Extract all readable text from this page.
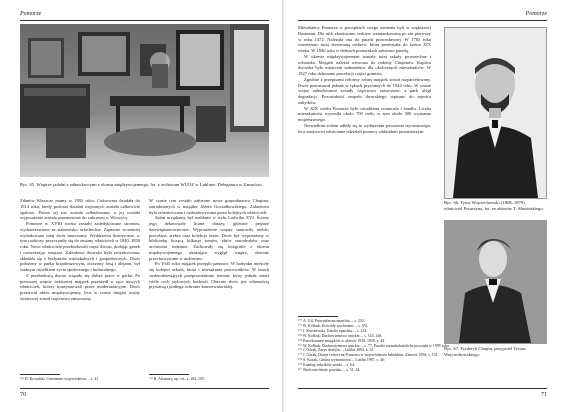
Pomorze
Ryc. 65. Wnętrze jadalni z zabawkowymi z okresu międzywojennego, fot. z archiwum WUOZ w Lublinie, Delegatura w Zamościu.

Zdanów Kleszcze mamy w 1892 roku. Cukrownia działała do 1914 roku, kiedy podczas działań wojennych została całkowicie spalona. Potem jej nie została odbudowana, a jej ocalała wyposażenie zostało przeniesione do cukrowni w Wierzycy.

Pomorze w XVIII wieku zostało zadedykowane stronom, wydzierżawione za stanowisko szlacheckie. Zapewne wcześniej wybudowano tutaj dwór murowany. Wydarzenia historyczne, w tym rozbiory, przyczyniły się do zmiany właścicieli w 1840–1850 roku. Nowi właściciele przebudowali część dworu, dodając ganek i rozszerzając wnętrza. Zabudowa dworska była zróżnicowana, składała się z budynków mieszkalnych i gospodarczych. Dwór położony w parku krajobrazowym, otoczony fosą i alejami, był ważnym ośrodkiem życia społecznego i kulturalnego.

Z przebudową dworu wiązały się dalsze prace w parku. Po pierwszej wojnie światowej majątek przeszedł w ręce nowych właścicieli, którzy kontynuowali prace modernizacyjne. Dwór przetrwał okres międzywojenny, lecz w czasie drugiej wojny światowej został częściowo zniszczony.

W czasie tym zostało założone nowe gospodarstwo Chopina, zatrudnionych w majątku Józefa Goczałkowskiego. Zabudowa była zróżnicowana i rozbudowywana przez kolejnych właścicieli.

Salon urządzony był meblami w stylu Ludwika XVI. Ściany jego dekorowały liczne obrazy, głównie pejzaże dziewiętnastowieczne. Wyposażenie wnętrz stanowiły meble, porcelana, srebra oraz kolekcja broni. Dwór był wyposażony w bibliotekę liczącą kilkaset tomów, zbiór starodruków oraz archiwum rodzinne. Zachowały się fotografie z okresu międzywojennego ukazujące wygląd wnętrz, obecnie przechowywane w archiwum.

Po 1945 roku majątek przejęło państwo. W budynku mieściły się kolejno szkoła, biura i mieszkania pracowników. W latach siedemdziesiątych przeprowadzono remont, który jednak zatarł wiele cech stylowych budowli. Obecnie dwór jest własnością prywatną i podlega ochronie konserwatorskiej.

¹⁹⁸ D. Kowalski, Cmentarze województwa..., s. 41.	¹⁹⁹ R. Aftanazy, op. cit., s. 103–105.
70
Pomorze

Mieszkańcy Pomorza w początkach swego istnienia byli w większości Rusinami. Dla nich zbudowano cerkiew wzmiankowaną po raz pierwszy w roku 1472. Należała ona do parafii prawosławnej. W 1765 roku wzniesiono tutaj drewnianą cerkiew, która przetrwała do końca XIX wieku. W 1840 roku w dobrach pomorskich założono parafię.

W okresie międzywojennym istniały tutaj szkoły powszechne i ochronka. Majątek należał wówczas do rodziny Chopinów. Kaplica dworska była miejscem nabożeństw dla okolicznych mieszkańców. W 1927 roku dokonano parcelacji części gruntów.

Zgodnie z przepisami reformy rolnej majątek został rozparcelowany. Dwór pozostawał jednak w rękach prywatnych do 1944 roku. W czasie wojny zabudowania zostały częściowo zniszczone, a park uległ degradacji. Pozostałości zespołu dworskiego wpisano do rejestru zabytków.

W XIX wieku Pomorze było ośrodkiem rzemiosła i handlu. Liczba mieszkańców wynosiła około 700 osób, w tym około 300 wyznania mojżeszowego.

Niewielkim echem odbiły się tu wydarzenia powstania styczniowego, lecz miejscowi włościanie udzielali pomocy oddziałom powstańczym.

²⁰⁰ A. Gil, Prawosławna eparchia..., s. 252.
²⁰¹ W. Kołbuk, Kościoły wschodnie..., s. 351.
²⁰² J. Kruszewski, Unicka eparchia..., s. 214.
²⁰³ W. Kołbuk, Duchowieństwo unickie..., s. 145–146.
²⁰⁴ Parcelowanie majątków w okresie 1918–1939, s. 44.
²⁰⁵ W. Kołbuk, Duchowieństwo unickie..., s. 77. Parafia rzymskokatolicka powstała w 1995 roku.
²⁰⁶ J. Górak, Zarys dziejów..., Lublin 2003, s. 53.
²⁰⁷ J. Górak, Dzieje cerkwi na Pomorzu w województwie lubelskim, Zamość 1994, s. 101.
²⁰⁸ S. Kozak, Gmina wyznaniowa..., Lublin 1987, s. 46.
²⁰⁹ Katalog zabytków sztuki..., s. 64.
²¹⁰ Skrócone dzieje powiatu..., s. 31–34.
Ryc. 66. Tytus Wojciechowski (1808–1879), właściciel Poturzyna, fot. ze zbiorów T. Sławińskiego.
Ryc. 67. Fryderyk Chopin, przyjaciel Tytusa Wojciechowskiego.
71
